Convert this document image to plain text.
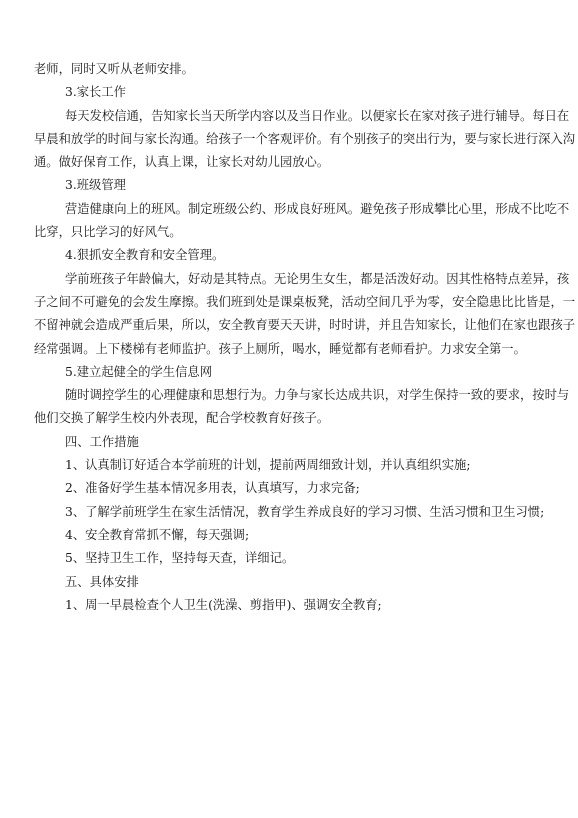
老师，同时又听从老师安排。
3.家长工作
每天发校信通，告知家长当天所学内容以及当日作业。以便家长在家对孩子进行辅导。每日在
早晨和放学的时间与家长沟通。给孩子一个客观评价。有个别孩子的突出行为，要与家长进行深入沟
通。做好保育工作，认真上课，让家长对幼儿园放心。
3.班级管理
营造健康向上的班风。制定班级公约、形成良好班风。避免孩子形成攀比心里，形成不比吃不
比穿，只比学习的好风气。
4.狠抓安全教育和安全管理。
学前班孩子年龄偏大，好动是其特点。无论男生女生，都是活泼好动。因其性格特点差异，孩
子之间不可避免的会发生摩擦。我们班到处是课桌板凳，活动空间几乎为零，安全隐患比比皆是，一
不留神就会造成严重后果，所以，安全教育要天天讲，时时讲，并且告知家长，让他们在家也跟孩子
经常强调。上下楼梯有老师监护。孩子上厕所，喝水，睡觉都有老师看护。力求安全第一。
5.建立起健全的学生信息网
随时调控学生的心理健康和思想行为。力争与家长达成共识，对学生保持一致的要求，按时与
他们交换了解学生校内外表现，配合学校教育好孩子。
四、工作措施
1、认真制订好适合本学前班的计划，提前两周细致计划，并认真组织实施;
2、准备好学生基本情况多用表，认真填写，力求完备;
3、了解学前班学生在家生活情况，教育学生养成良好的学习习惯、生活习惯和卫生习惯;
4、安全教育常抓不懈，每天强调;
5、坚持卫生工作，坚持每天查，详细记。
五、具体安排
1、周一早晨检查个人卫生(洗澡、剪指甲)、强调安全教育;
